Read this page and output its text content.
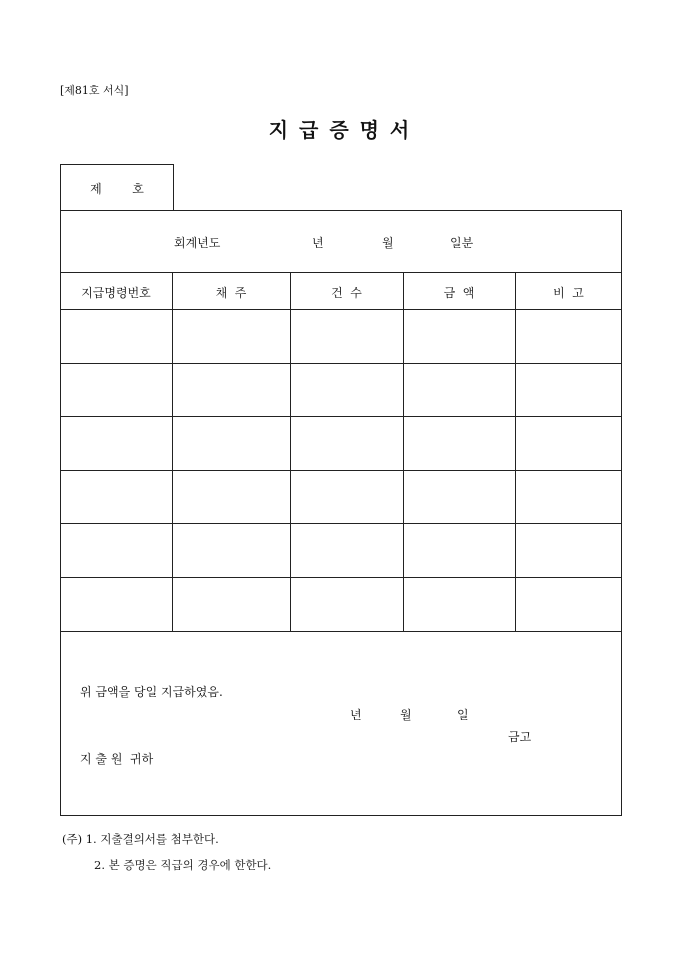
[제81호 서식]
지 급 증 명 서
제        호
회계년도	년	월	일분
지급명령번호	채  주	건  수	금  액	비  고
위 금액을 당일 지급하였음.
년	월	일
금고
지 출 원  귀하
(주) 1. 지출결의서를 첨부한다.
2. 본 증명은 직급의 경우에 한한다.
